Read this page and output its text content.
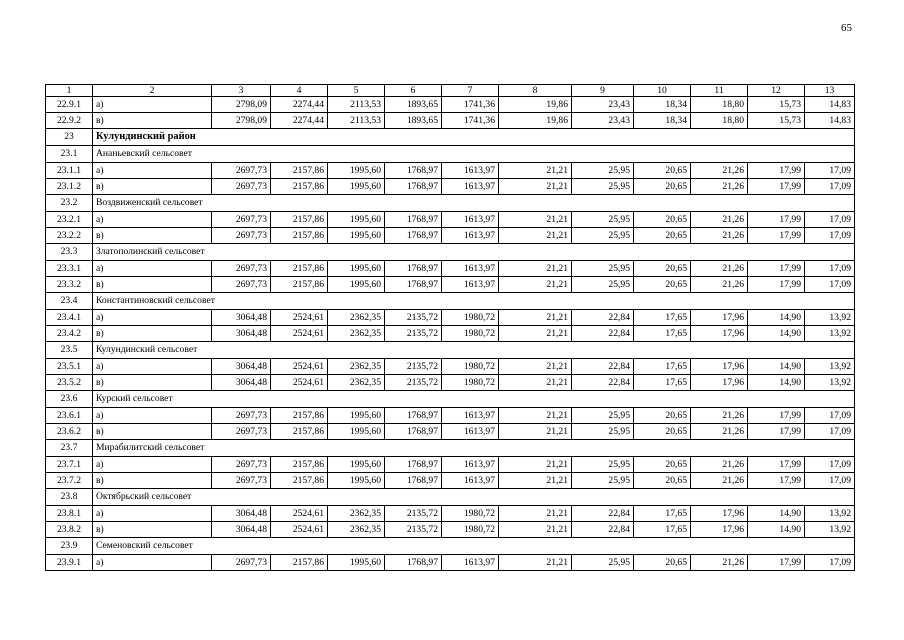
65
1	2	3	4	5	6	7	8	9	10	11	12	13
22.9.1	а)	2798,09	2274,44	2113,53	1893,65	1741,36	19,86	23,43	18,34	18,80	15,73	14,83
22.9.2	в)	2798,09	2274,44	2113,53	1893,65	1741,36	19,86	23,43	18,34	18,80	15,73	14,83
23	Кулундинский район											
23.1	Ананьевский сельсовет											
23.1.1	а)	2697,73	2157,86	1995,60	1768,97	1613,97	21,21	25,95	20,65	21,26	17,99	17,09
23.1.2	в)	2697,73	2157,86	1995,60	1768,97	1613,97	21,21	25,95	20,65	21,26	17,99	17,09
23.2	Воздвиженский сельсовет											
23.2.1	а)	2697,73	2157,86	1995,60	1768,97	1613,97	21,21	25,95	20,65	21,26	17,99	17,09
23.2.2	в)	2697,73	2157,86	1995,60	1768,97	1613,97	21,21	25,95	20,65	21,26	17,99	17,09
23.3	Златополинский сельсовет											
23.3.1	а)	2697,73	2157,86	1995,60	1768,97	1613,97	21,21	25,95	20,65	21,26	17,99	17,09
23.3.2	в)	2697,73	2157,86	1995,60	1768,97	1613,97	21,21	25,95	20,65	21,26	17,99	17,09
23.4	Константиновский сельсовет											
23.4.1	а)	3064,48	2524,61	2362,35	2135,72	1980,72	21,21	22,84	17,65	17,96	14,90	13,92
23.4.2	в)	3064,48	2524,61	2362,35	2135,72	1980,72	21,21	22,84	17,65	17,96	14,90	13,92
23.5	Кулундинский сельсовет											
23.5.1	а)	3064,48	2524,61	2362,35	2135,72	1980,72	21,21	22,84	17,65	17,96	14,90	13,92
23.5.2	в)	3064,48	2524,61	2362,35	2135,72	1980,72	21,21	22,84	17,65	17,96	14,90	13,92
23.6	Курский сельсовет											
23.6.1	а)	2697,73	2157,86	1995,60	1768,97	1613,97	21,21	25,95	20,65	21,26	17,99	17,09
23.6.2	в)	2697,73	2157,86	1995,60	1768,97	1613,97	21,21	25,95	20,65	21,26	17,99	17,09
23.7	Мирабилитский сельсовет											
23.7.1	а)	2697,73	2157,86	1995,60	1768,97	1613,97	21,21	25,95	20,65	21,26	17,99	17,09
23.7.2	в)	2697,73	2157,86	1995,60	1768,97	1613,97	21,21	25,95	20,65	21,26	17,99	17,09
23.8	Октябрьский сельсовет											
23.8.1	а)	3064,48	2524,61	2362,35	2135,72	1980,72	21,21	22,84	17,65	17,96	14,90	13,92
23.8.2	в)	3064,48	2524,61	2362,35	2135,72	1980,72	21,21	22,84	17,65	17,96	14,90	13,92
23.9	Семеновский сельсовет											
23.9.1	а)	2697,73	2157,86	1995,60	1768,97	1613,97	21,21	25,95	20,65	21,26	17,99	17,09
